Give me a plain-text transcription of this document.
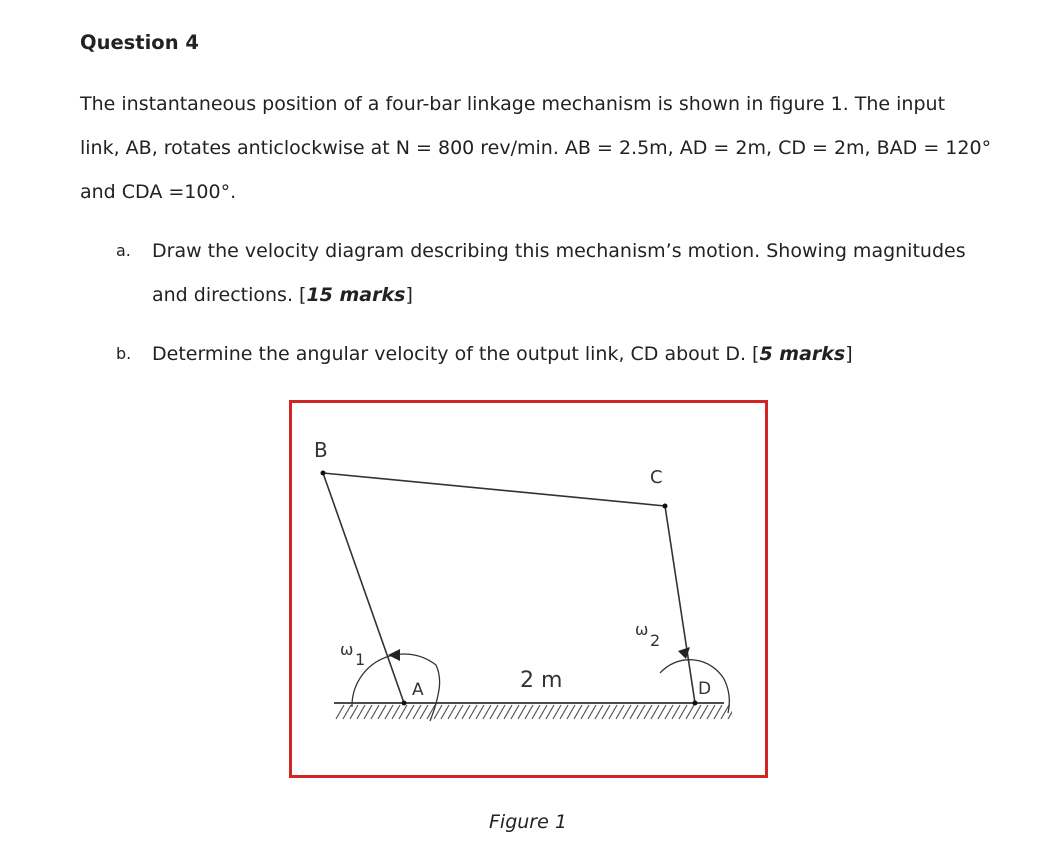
Question 4
The instantaneous position of a four-bar linkage mechanism is shown in figure 1. The input
link, AB, rotates anticlockwise at N = 800 rev/min. AB = 2.5m, AD = 2m, CD = 2m, BAD = 120°
and CDA =100°.
a. Draw the velocity diagram describing this mechanism’s motion. Showing magnitudes
and directions. [15 marks]
b. Determine the angular velocity of the output link, CD about D. [5 marks]
B
C
A	D
2 m
ω
1
ω
2
Figure 1
